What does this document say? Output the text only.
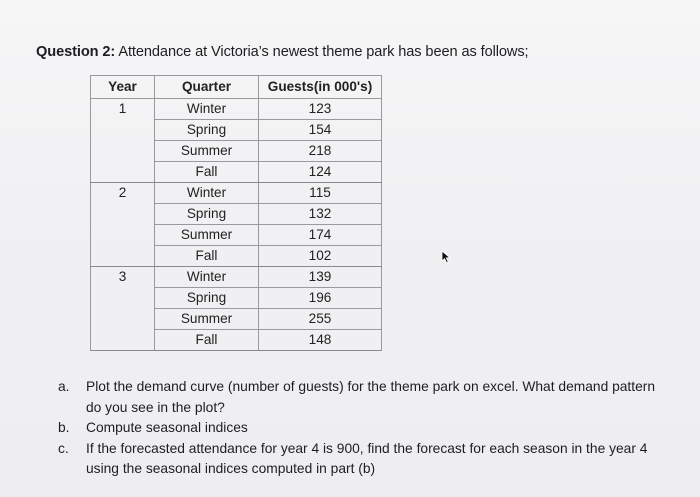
Question 2: Attendance at Victoria’s newest theme park has been as follows;
Year	Quarter	Guests(in 000's)
1	Winter	123
	Spring	154
	Summer	218
	Fall	124
2	Winter	115
	Spring	132
	Summer	174
	Fall	102
3	Winter	139
	Spring	196
	Summer	255
	Fall	148
a.	Plot the demand curve (number of guests) for the theme park on excel. What demand pattern do you see in the plot?
b.	Compute seasonal indices
c.	If the forecasted attendance for year 4 is 900, find the forecast for each season in the year 4 using the seasonal indices computed in part (b)
